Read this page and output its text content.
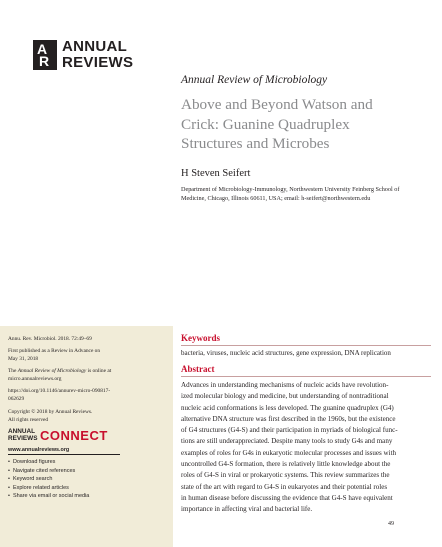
A
R
ANNUAL
REVIEWS
Annual Review of Microbiology
Above and Beyond Watson and
Crick: Guanine Quadruplex
Structures and Microbes
H Steven Seifert
Department of Microbiology-Immunology, Northwestern University Feinberg School of
Medicine, Chicago, Illinois 60611, USA; email: h-seifert@northwestern.edu
Annu. Rev. Microbiol. 2018. 72:49–69
First published as a Review in Advance on
May 31, 2018
The Annual Review of Microbiology is online at
micro.annualreviews.org
https://doi.org/10.1146/annurev-micro-090817-
062629
Copyright © 2018 by Annual Reviews.
All rights reserved
ANNUAL
REVIEWS CONNECT
www.annualreviews.org
• Download figures
• Navigate cited references
• Keyword search
• Explore related articles
• Share via email or social media
Keywords
bacteria, viruses, nucleic acid structures, gene expression, DNA replication
Abstract
Advances in understanding mechanisms of nucleic acids have revolution-
ized molecular biology and medicine, but understanding of nontraditional
nucleic acid conformations is less developed. The guanine quadruplex (G4)
alternative DNA structure was first described in the 1960s, but the existence
of G4 structures (G4-S) and their participation in myriads of biological func-
tions are still underappreciated. Despite many tools to study G4s and many
examples of roles for G4s in eukaryotic molecular processes and issues with
uncontrolled G4-S formation, there is relatively little knowledge about the
roles of G4-S in viral or prokaryotic systems. This review summarizes the
state of the art with regard to G4-S in eukaryotes and their potential roles
in human disease before discussing the evidence that G4-S have equivalent
importance in affecting viral and bacterial life.
49
